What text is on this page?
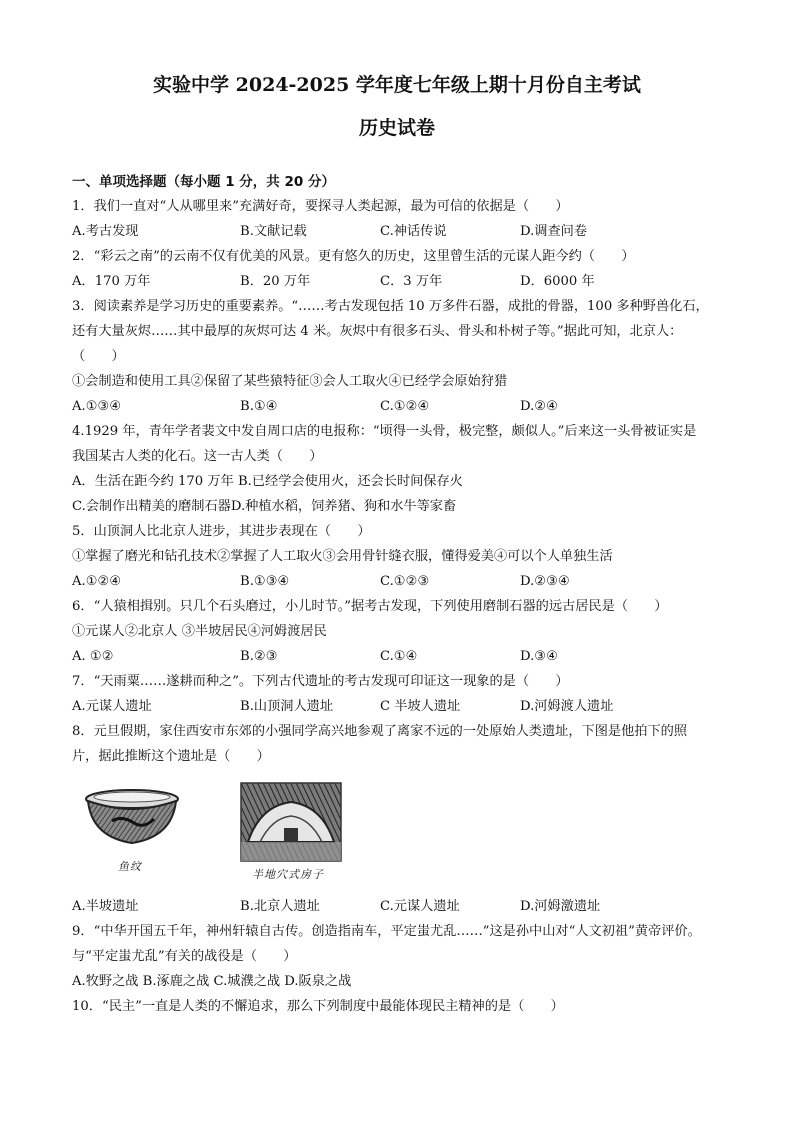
实验中学 2024-2025 学年度七年级上期十月份自主考试
历史试卷
一、单项选择题（每小题 1 分，共 20 分）
1．我们一直对“人从哪里来”充满好奇，要探寻人类起源，最为可信的依据是（　　）
A.考古发现	B.文献记载	C.神话传说	D.调查问卷
2．“彩云之南”的云南不仅有优美的风景。更有悠久的历史，这里曾生活的元谋人距今约（　　）
A．170 万年	B．20 万年	C．3 万年	D．6000 年
3．阅读素养是学习历史的重要素养。“……考古发现包括 10 万多件石器，成批的骨器，100 多种野兽化石，
还有大量灰烬……其中最厚的灰烬可达 4 米。灰烬中有很多石头、骨头和朴树子等。”据此可知，北京人：
（　　）
①会制造和使用工具②保留了某些猿特征③会人工取火④已经学会原始狩猎
A.①③④	B.①④	C.①②④	D.②④
4.1929 年，青年学者裴文中发自周口店的电报称：“顷得一头骨，极完整，颇似人。”后来这一头骨被证实是
我国某古人类的化石。这一古人类（　　）
A．生活在距今约 170 万年 B.已经学会使用火，还会长时间保存火
C.会制作出精美的磨制石器D.种植水稻，饲养猪、狗和水牛等家畜
5．山顶洞人比北京人进步，其进步表现在（　　）
①掌握了磨光和钻孔技术②掌握了人工取火③会用骨针缝衣服，懂得爱美④可以个人单独生活
A.①②④	B.①③④	C.①②③	D.②③④
6．“人猿相揖别。只几个石头磨过，小儿时节。”据考古发现，下列使用磨制石器的远古居民是（　　）
①元谋人②北京人 ③半坡居民④河姆渡居民
A. ①②	B.②③	C.①④	D.③④
7．“天雨粟……遂耕而种之”。下列古代遗址的考古发现可印证这一现象的是（　　）
A.元谋人遗址	B.山顶洞人遗址	C 半坡人遗址	D.河姆渡人遗址
8．元旦假期，家住西安市东郊的小强同学高兴地参观了离家不远的一处原始人类遗址，下图是他拍下的照
片，据此推断这个遗址是（　　）
鱼纹
半地穴式房子
A.半坡遗址	B.北京人遗址	C.元谋人遗址	D.河姆激遗址
9．“中华开国五千年，神州轩辕自古传。创造指南车，平定蚩尤乱……”这是孙中山对“人文初祖”黄帝评价。
与“平定蚩尤乱”有关的战役是（　　）
A.牧野之战 B.涿鹿之战 C.城濮之战 D.阪泉之战
10．“民主”一直是人类的不懈追求，那么下列制度中最能体现民主精神的是（　　）
